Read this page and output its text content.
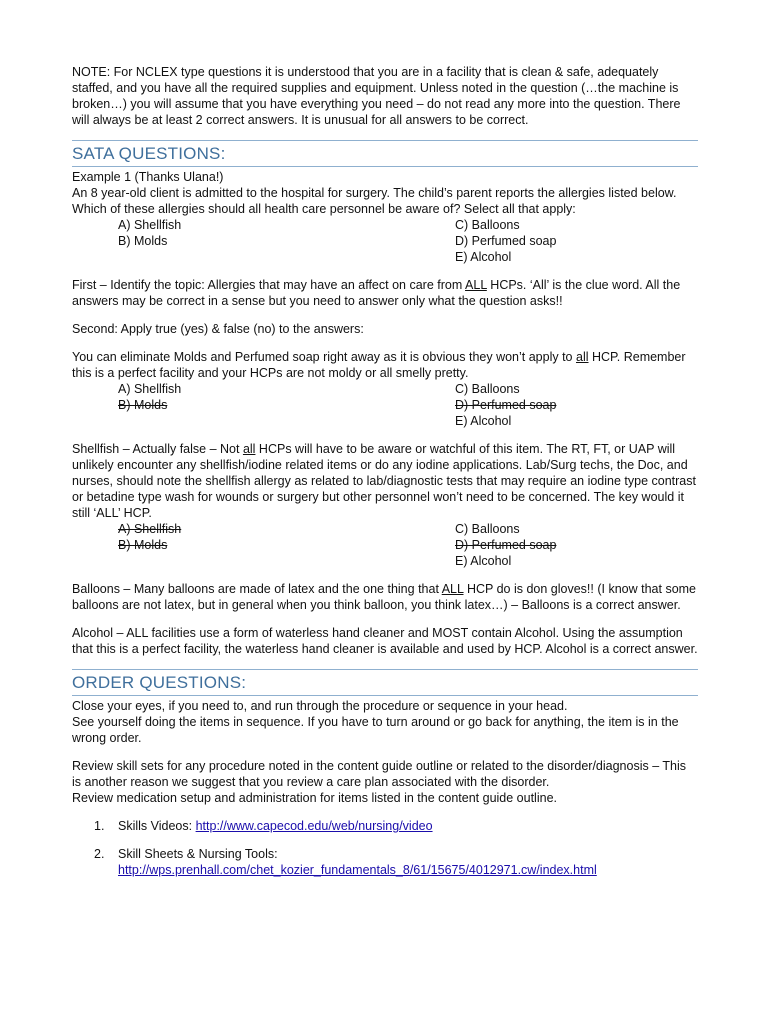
NOTE: For NCLEX type questions it is understood that you are in a facility that is clean & safe, adequately staffed, and you have all the required supplies and equipment. Unless noted in the question (…the machine is broken…) you will assume that you have everything you need – do not read any more into the question. There will always be at least 2 correct answers. It is unusual for all answers to be correct.

SATA QUESTIONS:

Example 1 (Thanks Ulana!)

An 8 year-old client is admitted to the hospital for surgery. The child’s parent reports the allergies listed below. Which of these allergies should all health care personnel be aware of? Select all that apply:

A) Shellfish	C) Balloons
B) Molds	D) Perfumed soap
E) Alcohol

First – Identify the topic: Allergies that may have an affect on care from ALL HCPs. ‘All’ is the clue word. All the answers may be correct in a sense but you need to answer only what the question asks!!

Second: Apply true (yes) & false (no) to the answers:

You can eliminate Molds and Perfumed soap right away as it is obvious they won’t apply to all HCP. Remember this is a perfect facility and your HCPs are not moldy or all smelly pretty.

A) Shellfish	C) Balloons
B) Molds	D) Perfumed soap
E) Alcohol

Shellfish – Actually false – Not all HCPs will have to be aware or watchful of this item. The RT, FT, or UAP will unlikely encounter any shellfish/iodine related items or do any iodine applications. Lab/Surg techs, the Doc, and nurses, should note the shellfish allergy as related to lab/diagnostic tests that may require an iodine type contrast or betadine type wash for wounds or surgery but other personnel won’t need to be concerned. The key would it still ‘ALL’ HCP.

A) Shellfish	C) Balloons
B) Molds	D) Perfumed soap
E) Alcohol

Balloons – Many balloons are made of latex and the one thing that ALL HCP do is don gloves!! (I know that some balloons are not latex, but in general when you think balloon, you think latex…) – Balloons is a correct answer.

Alcohol – ALL facilities use a form of waterless hand cleaner and MOST contain Alcohol. Using the assumption that this is a perfect facility, the waterless hand cleaner is available and used by HCP. Alcohol is a correct answer.

ORDER QUESTIONS:

Close your eyes, if you need to, and run through the procedure or sequence in your head.

See yourself doing the items in sequence. If you have to turn around or go back for anything, the item is in the wrong order.

Review skill sets for any procedure noted in the content guide outline or related to the disorder/diagnosis – This is another reason we suggest that you review a care plan associated with the disorder.

Review medication setup and administration for items listed in the content guide outline.

1. Skills Videos: http://www.capecod.edu/web/nursing/video
2. Skill Sheets & Nursing Tools:
http://wps.prenhall.com/chet_kozier_fundamentals_8/61/15675/4012971.cw/index.html
